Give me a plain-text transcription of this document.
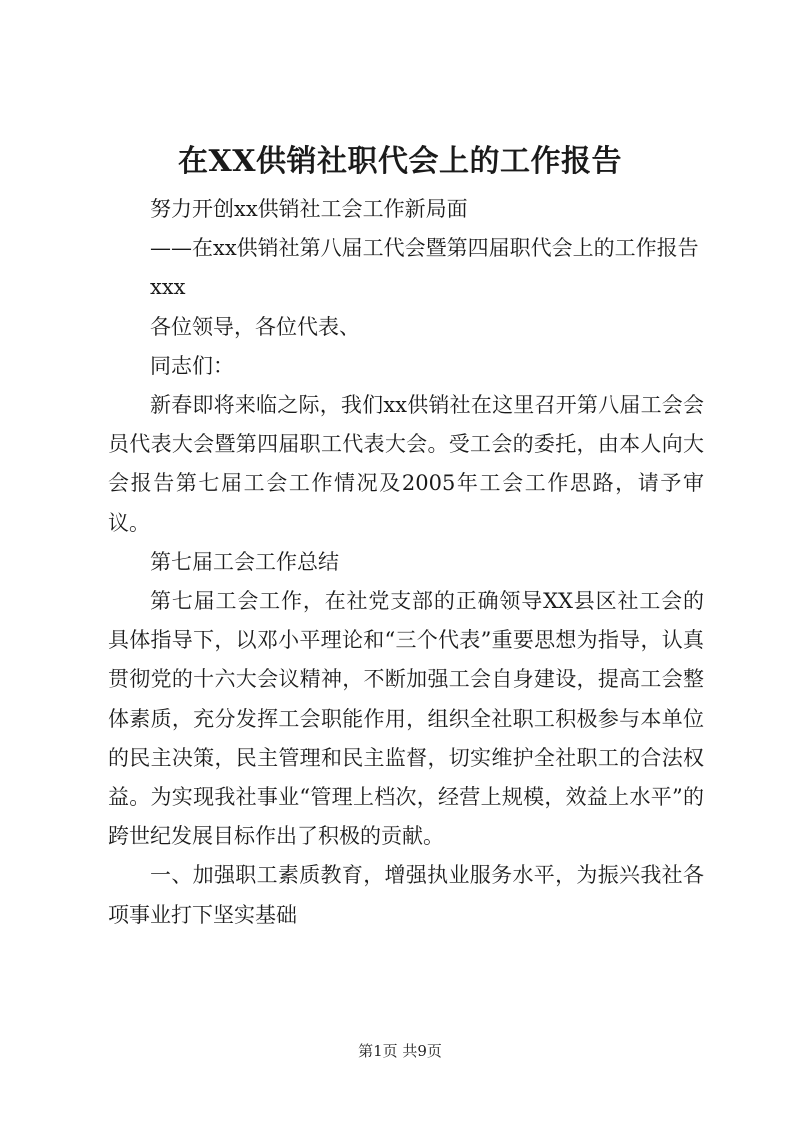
在XX供销社职代会上的工作报告

努力开创xx供销社工会工作新局面

——在xx供销社第八届工代会暨第四届职代会上的工作报告

xxx

各位领导，各位代表、

同志们：

新春即将来临之际，我们xx供销社在这里召开第八届工会会员代表大会暨第四届职工代表大会。受工会的委托，由本人向大会报告第七届工会工作情况及2005年工会工作思路，请予审议。

第七届工会工作总结

第七届工会工作，在社党支部的正确领导XX县区社工会的具体指导下，以邓小平理论和“三个代表”重要思想为指导，认真贯彻党的十六大会议精神，不断加强工会自身建设，提高工会整体素质，充分发挥工会职能作用，组织全社职工积极参与本单位的民主决策，民主管理和民主监督，切实维护全社职工的合法权益。为实现我社事业“管理上档次，经营上规模，效益上水平”的跨世纪发展目标作出了积极的贡献。

一、加强职工素质教育，增强执业服务水平，为振兴我社各项事业打下坚实基础

第1页 共9页
